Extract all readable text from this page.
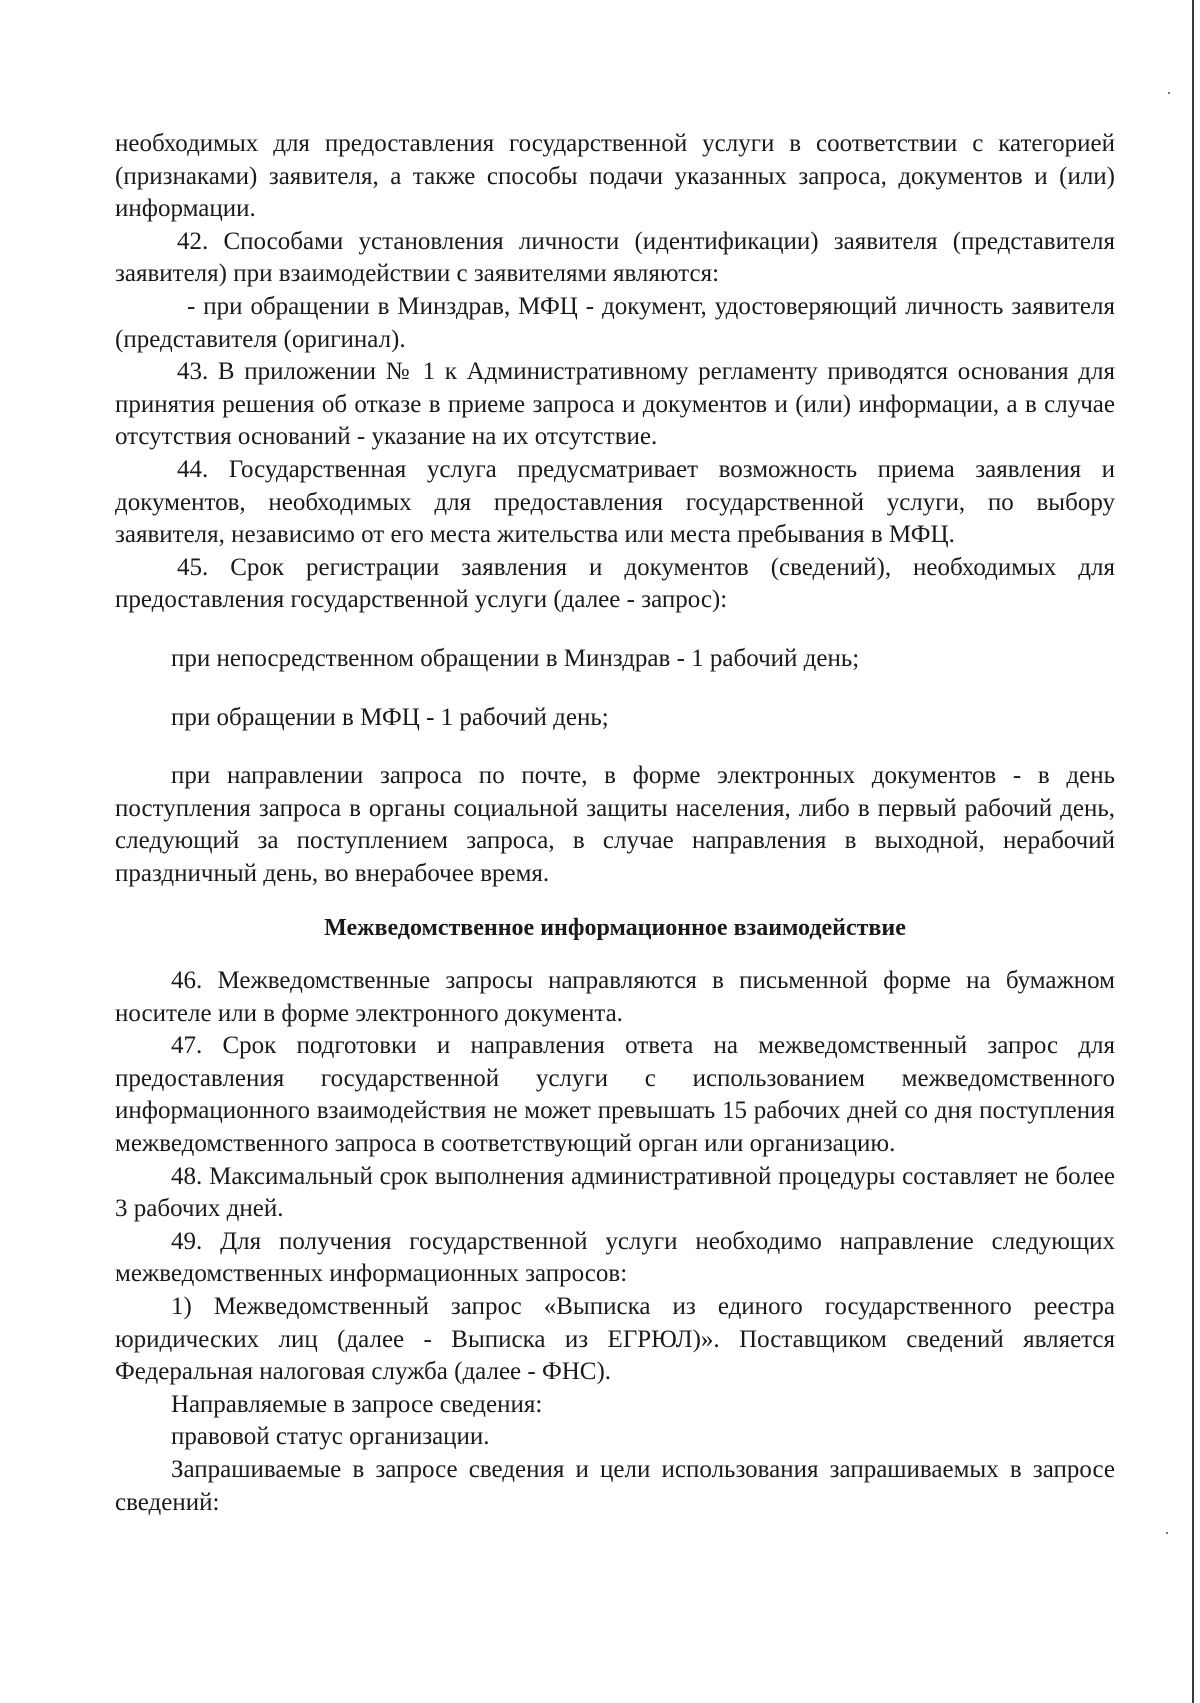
необходимых для предоставления государственной услуги в соответствии с категорией (признаками) заявителя, а также способы подачи указанных запроса, документов и (или) информации.

42. Способами установления личности (идентификации) заявителя (представителя заявителя) при взаимодействии с заявителями являются:

- при обращении в Минздрав, МФЦ - документ, удостоверяющий личность заявителя (представителя (оригинал).

43. В приложении № 1 к Административному регламенту приводятся основания для принятия решения об отказе в приеме запроса и документов и (или) информации, а в случае отсутствия оснований - указание на их отсутствие.

44. Государственная услуга предусматривает возможность приема заявления и документов, необходимых для предоставления государственной услуги, по выбору заявителя, независимо от его места жительства или места пребывания в МФЦ.

45. Срок регистрации заявления и документов (сведений), необходимых для предоставления государственной услуги (далее - запрос):

при непосредственном обращении в Минздрав - 1 рабочий день;

при обращении в МФЦ - 1 рабочий день;

при направлении запроса по почте, в форме электронных документов - в день поступления запроса в органы социальной защиты населения, либо в первый рабочий день, следующий за поступлением запроса, в случае направления в выходной, нерабочий праздничный день, во внерабочее время.

Межведомственное информационное взаимодействие

46. Межведомственные запросы направляются в письменной форме на бумажном носителе или в форме электронного документа.

47. Срок подготовки и направления ответа на межведомственный запрос для предоставления государственной услуги с использованием межведомственного информационного взаимодействия не может превышать 15 рабочих дней со дня поступления межведомственного запроса в соответствующий орган или организацию.

48. Максимальный срок выполнения административной процедуры составляет не более 3 рабочих дней.

49. Для получения государственной услуги необходимо направление следующих межведомственных информационных запросов:

1) Межведомственный запрос «Выписка из единого государственного реестра юридических лиц (далее - Выписка из ЕГРЮЛ)». Поставщиком сведений является Федеральная налоговая служба (далее - ФНС).

Направляемые в запросе сведения:

правовой статус организации.

Запрашиваемые в запросе сведения и цели использования запрашиваемых в запросе сведений:
